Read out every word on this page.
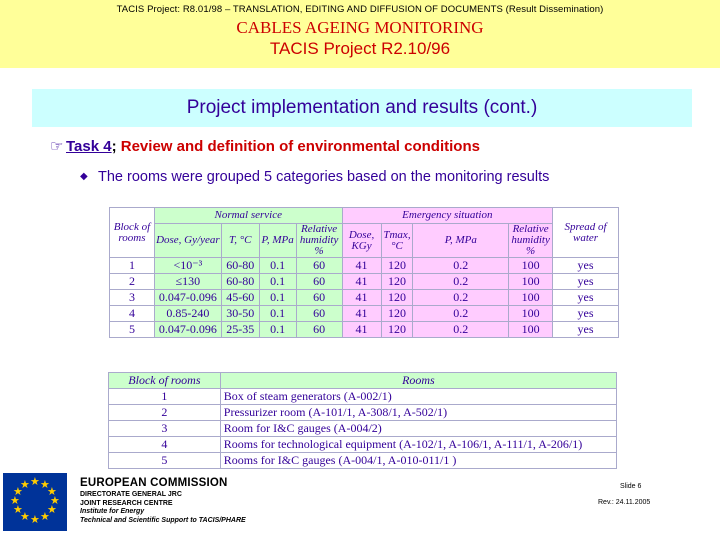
TACIS Project: R8.01/98 – TRANSLATION, EDITING AND DIFFUSION OF DOCUMENTS (Result Dissemination)
CABLES AGEING MONITORING
TACIS Project R2.10/96
Project implementation and results (cont.)
☞ Task 4; Review and definition of environmental conditions
◆ The rooms were grouped 5 categories based on the monitoring results
Block of rooms	Normal service				Emergency situation				Spread of water
	Dose, Gy/year	T, °C	P, MPa	Relative humidity %	Dose, KGy	Tmax, °C	P, MPa	Relative humidity %	
1	<10⁻³	60-80	0.1	60	41	120	0.2	100	yes
2	≤130	60-80	0.1	60	41	120	0.2	100	yes
3	0.047-0.096	45-60	0.1	60	41	120	0.2	100	yes
4	0.85-240	30-50	0.1	60	41	120	0.2	100	yes
5	0.047-0.096	25-35	0.1	60	41	120	0.2	100	yes
Block of rooms	Rooms
1	Box of steam generators (A-002/1)
2	Pressurizer room (A-101/1, A-308/1, A-502/1)
3	Room for I&C gauges (A-004/2)
4	Rooms for technological equipment (A-102/1, A-106/1, A-111/1, A-206/1)
5	Rooms for I&C gauges (A-004/1, A-010-011/1 )
★ ★
★
★
★
★
★
★
★
★
★
★	EUROPEAN COMMISSION
DIRECTORATE GENERAL JRC
JOINT RESEARCH CENTRE
Institute for Energy
Technical and Scientific Support to TACIS/PHARE
Slide 6
Rev.: 24.11.2005
